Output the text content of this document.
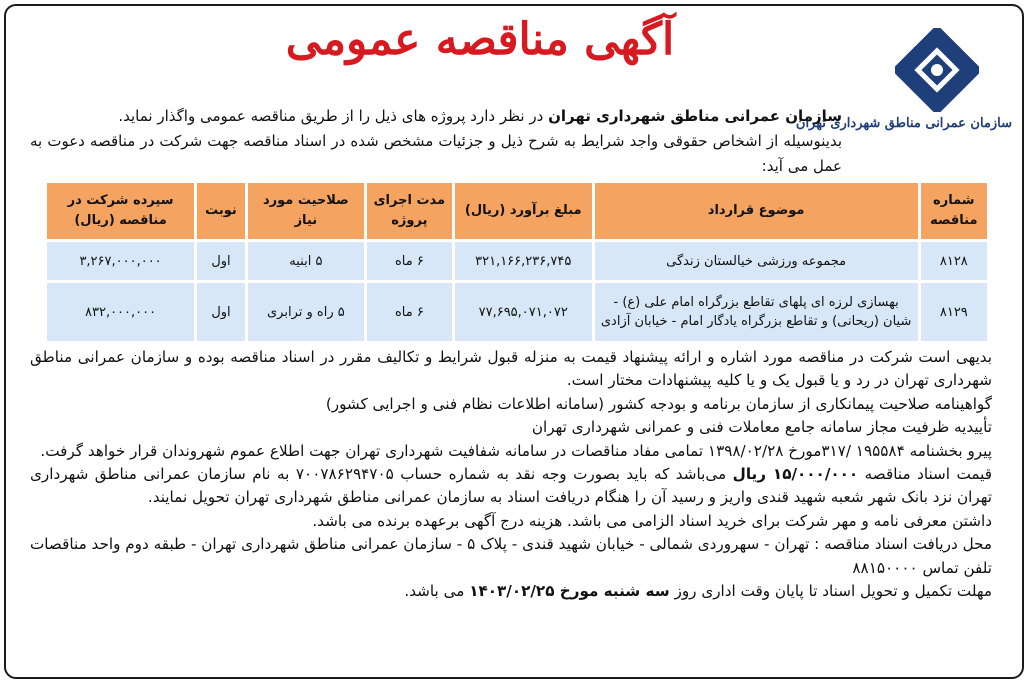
سازمان عمرانی مناطق شهرداری تهران
آگهی مناقصه عمومی
سازمان عمرانی مناطق شهرداری تهران در نظر دارد پروژه های ذیل را از طریق مناقصه عمومی واگذار نماید.
بدینوسیله از اشخاص حقوقی واجد شرایط به شرح ذیل و جزئیات مشخص شده در اسناد مناقصه جهت شرکت در مناقصه دعوت به عمل می آید:
شماره مناقصه	موضوع قرارداد	مبلغ برآورد (ریال)	مدت اجرای پروژه	صلاحیت مورد نیاز	نوبت	سپرده شرکت در مناقصه (ریال)
۸۱۲۸	مجموعه ورزشی خیالستان زندگی	۳۲۱,۱۶۶,۲۳۶,۷۴۵	۶ ماه	۵ ابنیه	اول	۳,۲۶۷,۰۰۰,۰۰۰
۸۱۲۹	بهسازی لرزه ای پلهای تقاطع بزرگراه امام علی (ع) - شیان (ریحانی) و تقاطع بزرگراه یادگار امام - خیابان آزادی	۷۷,۶۹۵,۰۷۱,۰۷۲	۶ ماه	۵ راه و ترابری	اول	۸۳۲,۰۰۰,۰۰۰

بدیهی است شرکت در مناقصه مورد اشاره و ارائه پیشنهاد قیمت به منزله قبول شرایط و تکالیف مقرر در اسناد مناقصه بوده و سازمان عمرانی مناطق شهرداری تهران در رد و یا قبول یک و یا کلیه پیشنهادات مختار است.

گواهینامه صلاحیت پیمانکاری از سازمان برنامه و بودجه کشور (سامانه اطلاعات نظام فنی و اجرایی کشور)

تأییدیه ظرفیت مجاز سامانه جامع معاملات فنی و عمرانی شهرداری تهران

پیرو بخشنامه ۱۹۵۵۸۴ /۳۱۷مورخ ۱۳۹۸/۰۲/۲۸ تمامی مفاد مناقصات در سامانه شفافیت شهرداری تهران جهت اطلاع عموم شهروندان قرار خواهد گرفت.

قیمت اسناد مناقصه ۱۵/۰۰۰/۰۰۰ ریال می‌باشد که باید بصورت وجه نقد به شماره حساب ۷۰۰۷۸۶۲۹۴۷۰۵ به نام سازمان عمرانی مناطق شهرداری تهران نزد بانک شهر شعبه شهید قندی واریز و رسید آن را هنگام دریافت اسناد به سازمان عمرانی مناطق شهرداری تهران تحویل نمایند.

داشتن معرفی نامه و مهر شرکت برای خرید اسناد الزامی می باشد. هزینه درج آگهی برعهده برنده می باشد.

محل دریافت اسناد مناقصه : تهران - سهروردی شمالی - خیابان شهید قندی - پلاک ۵ - سازمان عمرانی مناطق شهرداری تهران - طبقه دوم واحد مناقصات تلفن تماس ۸۸۱۵۰۰۰۰

مهلت تکمیل و تحویل اسناد تا پایان وقت اداری روز سه شنبه مورخ ۱۴۰۳/۰۲/۲۵ می باشد.
